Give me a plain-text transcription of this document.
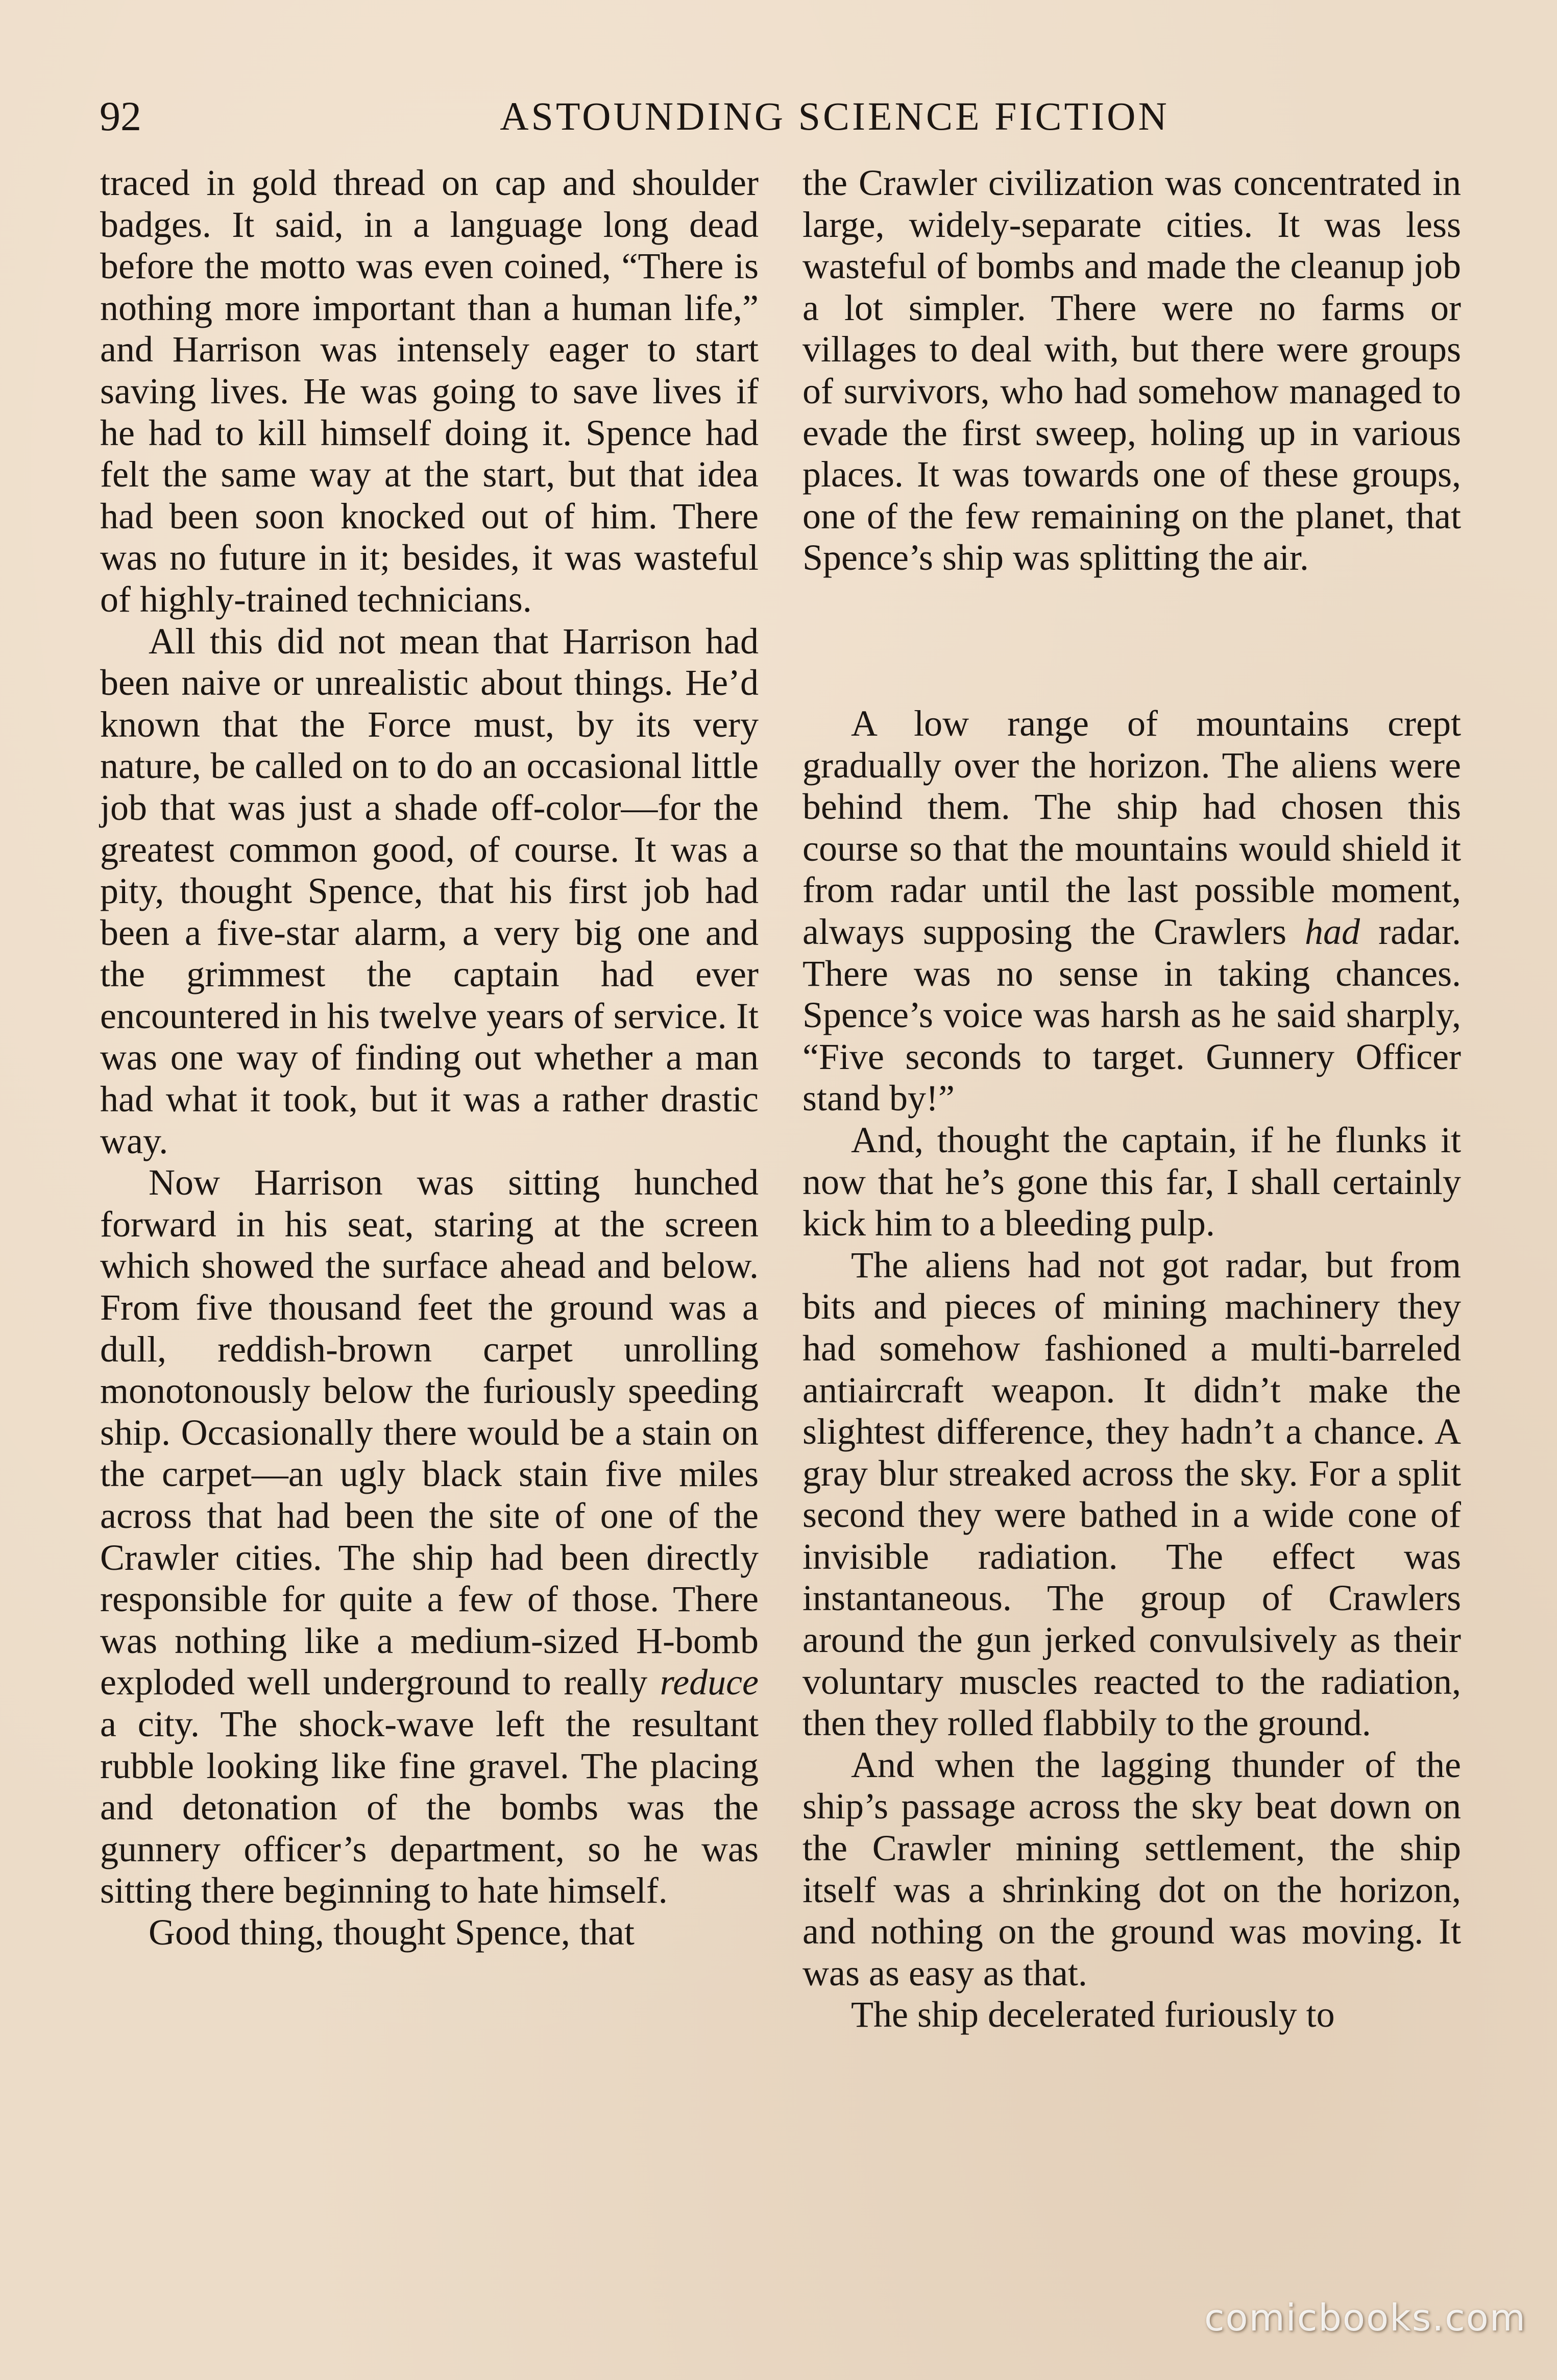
92	ASTOUNDING SCIENCE FICTION

traced in gold thread on cap and shoulder badges. It said, in a language long dead before the motto was even coined, “There is nothing more important than a human life,” and Harrison was intensely eager to start saving lives. He was going to save lives if he had to kill himself doing it. Spence had felt the same way at the start, but that idea had been soon knocked out of him. There was no future in it; besides, it was wasteful of highly-trained technicians.

All this did not mean that Harrison had been naive or unrealistic about things. He’d known that the Force must, by its very nature, be called on to do an occasional little job that was just a shade off-color—for the greatest common good, of course. It was a pity, thought Spence, that his first job had been a five-star alarm, a very big one and the grimmest the captain had ever encountered in his twelve years of service. It was one way of finding out whether a man had what it took, but it was a rather drastic way.

Now Harrison was sitting hunched forward in his seat, staring at the screen which showed the surface ahead and below. From five thousand feet the ground was a dull, reddish-brown carpet unrolling monotonously below the furiously speeding ship. Occasionally there would be a stain on the carpet—an ugly black stain five miles across that had been the site of one of the Crawler cities. The ship had been directly responsible for quite a few of those. There was nothing like a medium-sized H-bomb exploded well underground to really reduce a city. The shock-wave left the resultant rubble looking like fine gravel. The placing and detonation of the bombs was the gunnery officer’s department, so he was sitting there beginning to hate himself.

Good thing, thought Spence, that

the Crawler civilization was concentrated in large, widely-separate cities. It was less wasteful of bombs and made the cleanup job a lot simpler. There were no farms or villages to deal with, but there were groups of survivors, who had somehow managed to evade the first sweep, holing up in various places. It was towards one of these groups, one of the few remaining on the planet, that Spence’s ship was splitting the air.

A low range of mountains crept gradually over the horizon. The aliens were behind them. The ship had chosen this course so that the mountains would shield it from radar until the last possible moment, always supposing the Crawlers had radar. There was no sense in taking chances. Spence’s voice was harsh as he said sharply, “Five seconds to target. Gunnery Officer stand by!”

And, thought the captain, if he flunks it now that he’s gone this far, I shall certainly kick him to a bleeding pulp.

The aliens had not got radar, but from bits and pieces of mining machinery they had somehow fashioned a multi-barreled antiaircraft weapon. It didn’t make the slightest difference, they hadn’t a chance. A gray blur streaked across the sky. For a split second they were bathed in a wide cone of invisible radiation. The effect was instantaneous. The group of Crawlers around the gun jerked convulsively as their voluntary muscles reacted to the radiation, then they rolled flabbily to the ground.

And when the lagging thunder of the ship’s passage across the sky beat down on the Crawler mining settlement, the ship itself was a shrinking dot on the horizon, and nothing on the ground was moving. It was as easy as that.

The ship decelerated furiously to

comicbooks.com
